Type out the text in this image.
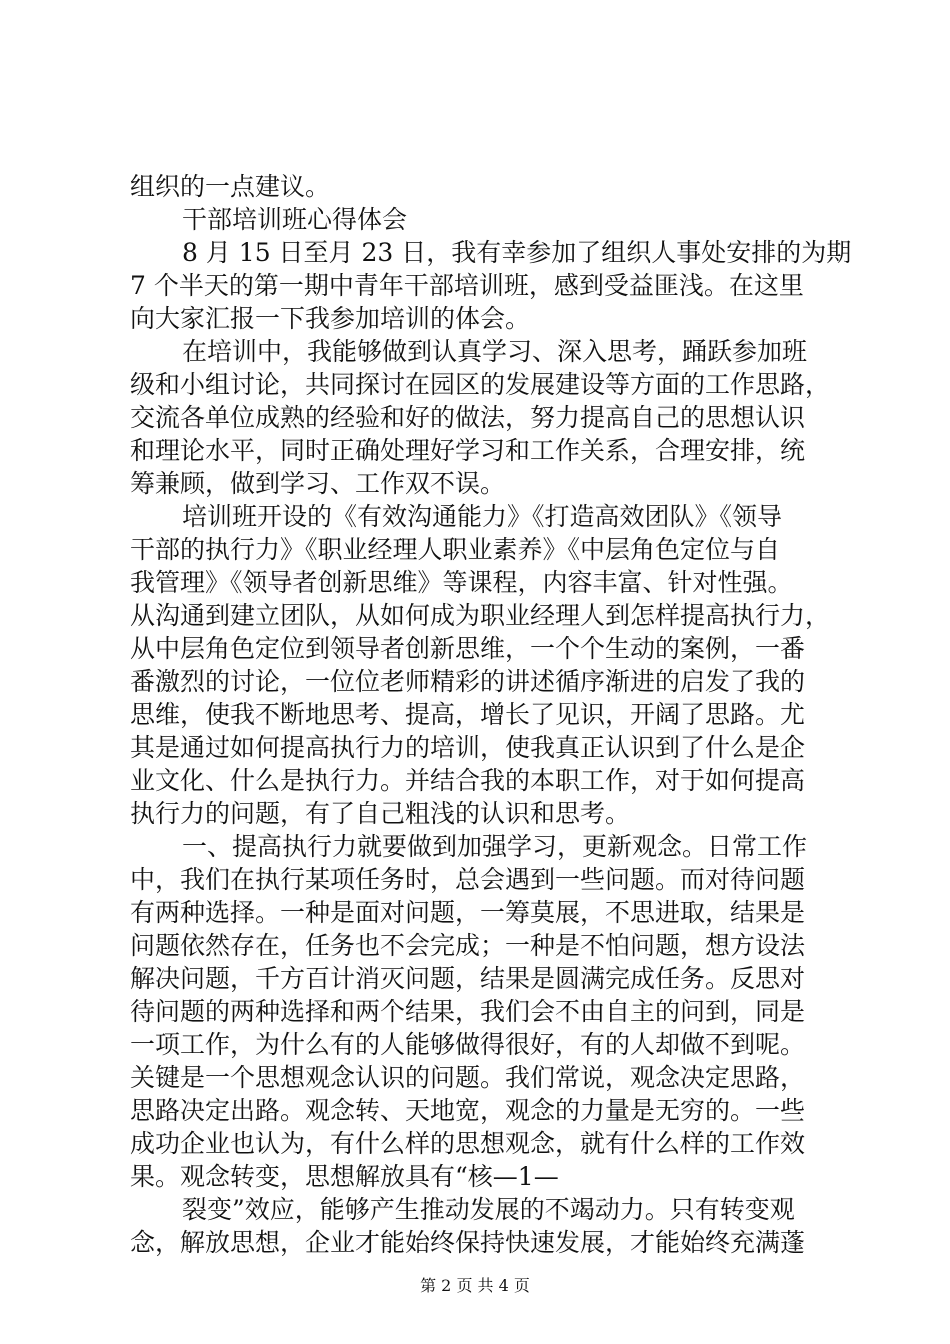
组织的一点建议。
干部培训班心得体会
8 月 15 日至月 23 日，我有幸参加了组织人事处安排的为期
7 个半天的第一期中青年干部培训班，感到受益匪浅。在这里
向大家汇报一下我参加培训的体会。
在培训中，我能够做到认真学习、深入思考，踊跃参加班
级和小组讨论，共同探讨在园区的发展建设等方面的工作思路，
交流各单位成熟的经验和好的做法，努力提高自己的思想认识
和理论水平，同时正确处理好学习和工作关系，合理安排，统
筹兼顾，做到学习、工作双不误。
培训班开设的《有效沟通能力》《打造高效团队》《领导
干部的执行力》《职业经理人职业素养》《中层角色定位与自
我管理》《领导者创新思维》等课程，内容丰富、针对性强。
从沟通到建立团队，从如何成为职业经理人到怎样提高执行力，
从中层角色定位到领导者创新思维，一个个生动的案例，一番
番激烈的讨论，一位位老师精彩的讲述循序渐进的启发了我的
思维，使我不断地思考、提高，增长了见识，开阔了思路。尤
其是通过如何提高执行力的培训，使我真正认识到了什么是企
业文化、什么是执行力。并结合我的本职工作，对于如何提高
执行力的问题，有了自己粗浅的认识和思考。
一、提高执行力就要做到加强学习，更新观念。日常工作
中，我们在执行某项任务时，总会遇到一些问题。而对待问题
有两种选择。一种是面对问题，一筹莫展，不思进取，结果是
问题依然存在，任务也不会完成；一种是不怕问题，想方设法
解决问题，千方百计消灭问题，结果是圆满完成任务。反思对
待问题的两种选择和两个结果，我们会不由自主的问到，同是
一项工作，为什么有的人能够做得很好，有的人却做不到呢。
关键是一个思想观念认识的问题。我们常说，观念决定思路，
思路决定出路。观念转、天地宽，观念的力量是无穷的。一些
成功企业也认为，有什么样的思想观念，就有什么样的工作效
果。观念转变，思想解放具有“核—1—
裂变”效应，能够产生推动发展的不竭动力。只有转变观
念，解放思想，企业才能始终保持快速发展，才能始终充满蓬
第 2 页 共 4 页
